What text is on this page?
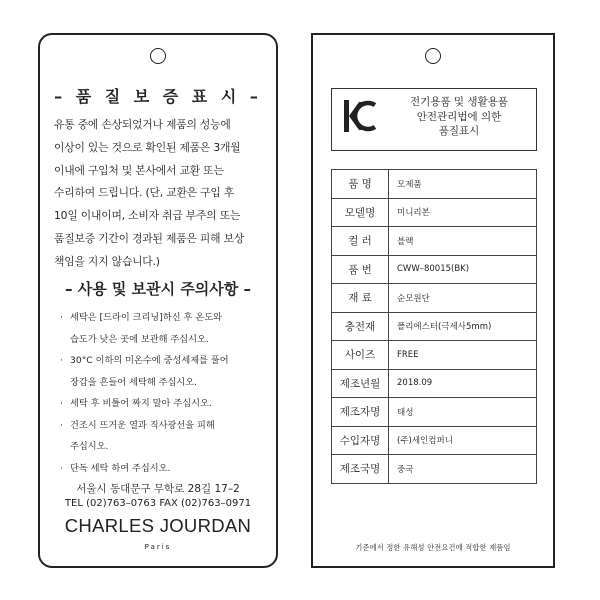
– 품 질 보 증 표 시 –
유통 중에 손상되었거나 제품의 성능에
이상이 있는 것으로 확인된 제품은 3개월
이내에 구입처 및 본사에서 교환 또는
수리하여 드립니다. (단, 교환은 구입 후
10일 이내이며, 소비자 취급 부주의 또는
품질보증 기간이 경과된 제품은 피해 보상
책임을 지지 않습니다.)
– 사용 및 보관시 주의사항 –
· 세탁은 [드라이 크리닝]하신 후 온도와
습도가 낮은 곳에 보관해 주십시오.
· 30°C 이하의 미온수에 중성세제를 풀어
장갑을 흔들어 세탁해 주십시오.
· 세탁 후 비틀어 짜지 말아 주십시오.
· 건조시 뜨거운 열과 직사광선을 피해
주십시오.
· 단독 세탁 하여 주십시오.
서울시 동대문구 무학로 28길 17–2
TEL (02)763–0763 FAX (02)763–0971
CHARLES JOURDAN
Paris
전기용품 및 생활용품
안전관리법에 의한
품질표시
품 명	모제품
모델명	미니리본
컬 러	블랙
품 번	CWW–80015(BK)
재 료	순모원단
충전재	폴리에스터(극세사5mm)
사이즈	FREE
제조년월	2018.09
제조자명	태성
수입자명	(주)세인컴퍼니
제조국명	중국
기준에서 정한 유해성 안전요건에 적합한 제품임
